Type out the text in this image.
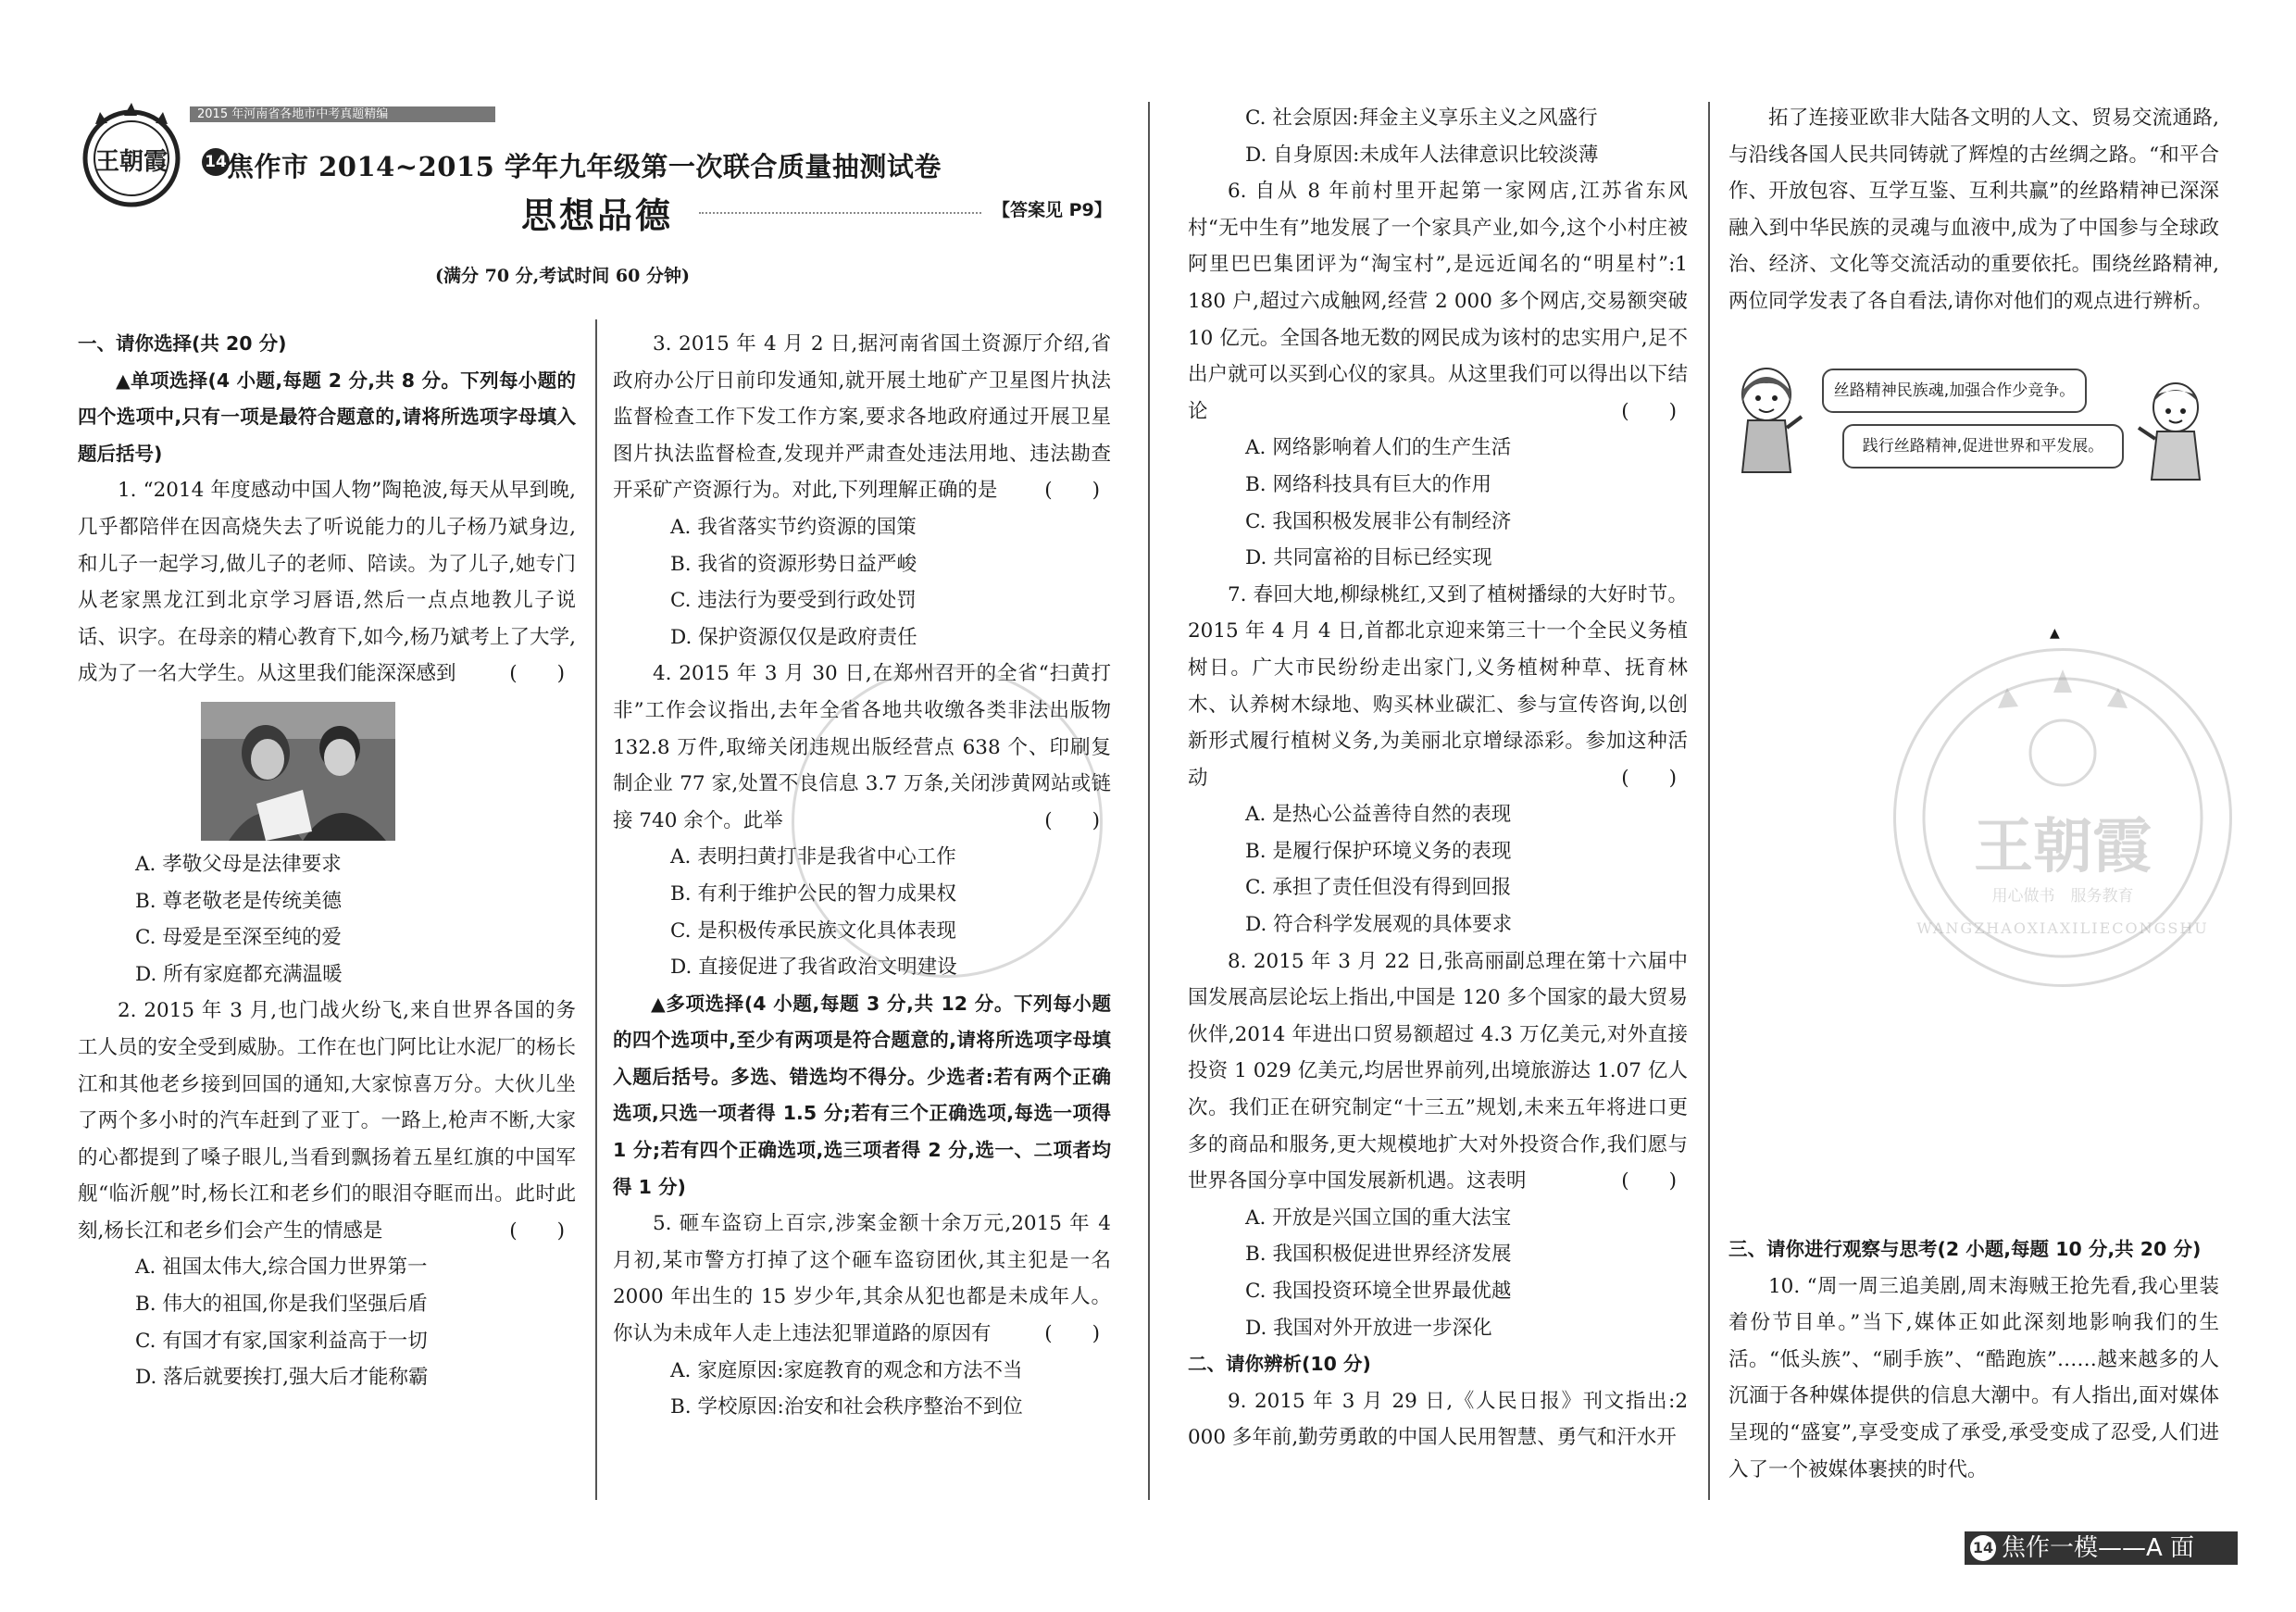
2015 年河南省各地市中考真题精编
王朝霞 14 焦作市 2014~2015 学年九年级第一次联合质量抽测试卷
思想品德	【答案见 P9】
(满分 70 分,考试时间 60 分钟)

一、请你选择(共 20 分)

▲单项选择(4 小题,每题 2 分,共 8 分。下列每小题的四个选项中,只有一项是最符合题意的,请将所选项字母填入题后括号)

1. “2014 年度感动中国人物”陶艳波,每天从早到晚,几乎都陪伴在因高烧失去了听说能力的儿子杨乃斌身边,和儿子一起学习,做儿子的老师、陪读。为了儿子,她专门从老家黑龙江到北京学习唇语,然后一点点地教儿子说话、识字。在母亲的精心教育下,如今,杨乃斌考上了大学,成为了一名大学生。从这里我们能深深感到	(　　)

A. 孝敬父母是法律要求

B. 尊老敬老是传统美德

C. 母爱是至深至纯的爱

D. 所有家庭都充满温暖

2. 2015 年 3 月,也门战火纷飞,来自世界各国的务工人员的安全受到威胁。工作在也门阿比让水泥厂的杨长江和其他老乡接到回国的通知,大家惊喜万分。大伙儿坐了两个多小时的汽车赶到了亚丁。一路上,枪声不断,大家的心都提到了嗓子眼儿,当看到飘扬着五星红旗的中国军舰“临沂舰”时,杨长江和老乡们的眼泪夺眶而出。此时此刻,杨长江和老乡们会产生的情感是	(　　)

A. 祖国太伟大,综合国力世界第一

B. 伟大的祖国,你是我们坚强后盾

C. 有国才有家,国家利益高于一切

D. 落后就要挨打,强大后才能称霸

3. 2015 年 4 月 2 日,据河南省国土资源厅介绍,省政府办公厅日前印发通知,就开展土地矿产卫星图片执法监督检查工作下发工作方案,要求各地政府通过开展卫星图片执法监督检查,发现并严肃查处违法用地、违法勘查开采矿产资源行为。对此,下列理解正确的是	(　　)

A. 我省落实节约资源的国策

B. 我省的资源形势日益严峻

C. 违法行为要受到行政处罚

D. 保护资源仅仅是政府责任

4. 2015 年 3 月 30 日,在郑州召开的全省“扫黄打非”工作会议指出,去年全省各地共收缴各类非法出版物 132.8 万件,取缔关闭违规出版经营点 638 个、印刷复制企业 77 家,处置不良信息 3.7 万条,关闭涉黄网站或链接 740 余个。此举	(　　)

A. 表明扫黄打非是我省中心工作

B. 有利于维护公民的智力成果权

C. 是积极传承民族文化具体表现

D. 直接促进了我省政治文明建设

▲多项选择(4 小题,每题 3 分,共 12 分。下列每小题的四个选项中,至少有两项是符合题意的,请将所选项字母填入题后括号。多选、错选均不得分。少选者:若有两个正确选项,只选一项者得 1.5 分;若有三个正确选项,每选一项得 1 分;若有四个正确选项,选三项者得 2 分,选一、二项者均得 1 分)

5. 砸车盗窃上百宗,涉案金额十余万元,2015 年 4 月初,某市警方打掉了这个砸车盗窃团伙,其主犯是一名 2000 年出生的 15 岁少年,其余从犯也都是未成年人。你认为未成年人走上违法犯罪道路的原因有	(　　)

A. 家庭原因:家庭教育的观念和方法不当

B. 学校原因:治安和社会秩序整治不到位

C. 社会原因:拜金主义享乐主义之风盛行

D. 自身原因:未成年人法律意识比较淡薄

6. 自从 8 年前村里开起第一家网店,江苏省东风村“无中生有”地发展了一个家具产业,如今,这个小村庄被阿里巴巴集团评为“淘宝村”,是远近闻名的“明星村”:1 180 户,超过六成触网,经营 2 000 多个网店,交易额突破 10 亿元。全国各地无数的网民成为该村的忠实用户,足不出户就可以买到心仪的家具。从这里我们可以得出以下结论	(　　)

A. 网络影响着人们的生产生活

B. 网络科技具有巨大的作用

C. 我国积极发展非公有制经济

D. 共同富裕的目标已经实现

7. 春回大地,柳绿桃红,又到了植树播绿的大好时节。2015 年 4 月 4 日,首都北京迎来第三十一个全民义务植树日。广大市民纷纷走出家门,义务植树种草、抚育林木、认养树木绿地、购买林业碳汇、参与宣传咨询,以创新形式履行植树义务,为美丽北京增绿添彩。参加这种活动	(　　)

A. 是热心公益善待自然的表现

B. 是履行保护环境义务的表现

C. 承担了责任但没有得到回报

D. 符合科学发展观的具体要求

8. 2015 年 3 月 22 日,张高丽副总理在第十六届中国发展高层论坛上指出,中国是 120 多个国家的最大贸易伙伴,2014 年进出口贸易额超过 4.3 万亿美元,对外直接投资 1 029 亿美元,均居世界前列,出境旅游达 1.07 亿人次。我们正在研究制定“十三五”规划,未来五年将进口更多的商品和服务,更大规模地扩大对外投资合作,我们愿与世界各国分享中国发展新机遇。这表明	(　　)

A. 开放是兴国立国的重大法宝

B. 我国积极促进世界经济发展

C. 我国投资环境全世界最优越

D. 我国对外开放进一步深化

二、请你辨析(10 分)

9. 2015 年 3 月 29 日,《人民日报》刊文指出:2 000 多年前,勤劳勇敢的中国人民用智慧、勇气和汗水开

拓了连接亚欧非大陆各文明的人文、贸易交流通路,与沿线各国人民共同铸就了辉煌的古丝绸之路。“和平合作、开放包容、互学互鉴、互利共赢”的丝路精神已深深融入到中华民族的灵魂与血液中,成为了中国参与全球政治、经济、文化等交流活动的重要依托。围绕丝路精神,两位同学发表了各自看法,请你对他们的观点进行辨析。

丝路精神民族魂,加强合作少竞争。
践行丝路精神,促进世界和平发展。
▲
王朝霞
用心做书　服务教育
WANGZHAOXIAXILIECONGSHU

三、请你进行观察与思考(2 小题,每题 10 分,共 20 分)

10. “周一周三追美剧,周末海贼王抢先看,我心里装着份节目单。”当下,媒体正如此深刻地影响我们的生活。“低头族”、“刷手族”、“酷跑族”……越来越多的人沉湎于各种媒体提供的信息大潮中。有人指出,面对媒体呈现的“盛宴”,享受变成了承受,承受变成了忍受,人们进入了一个被媒体裹挟的时代。

14 焦作一模——A 面
